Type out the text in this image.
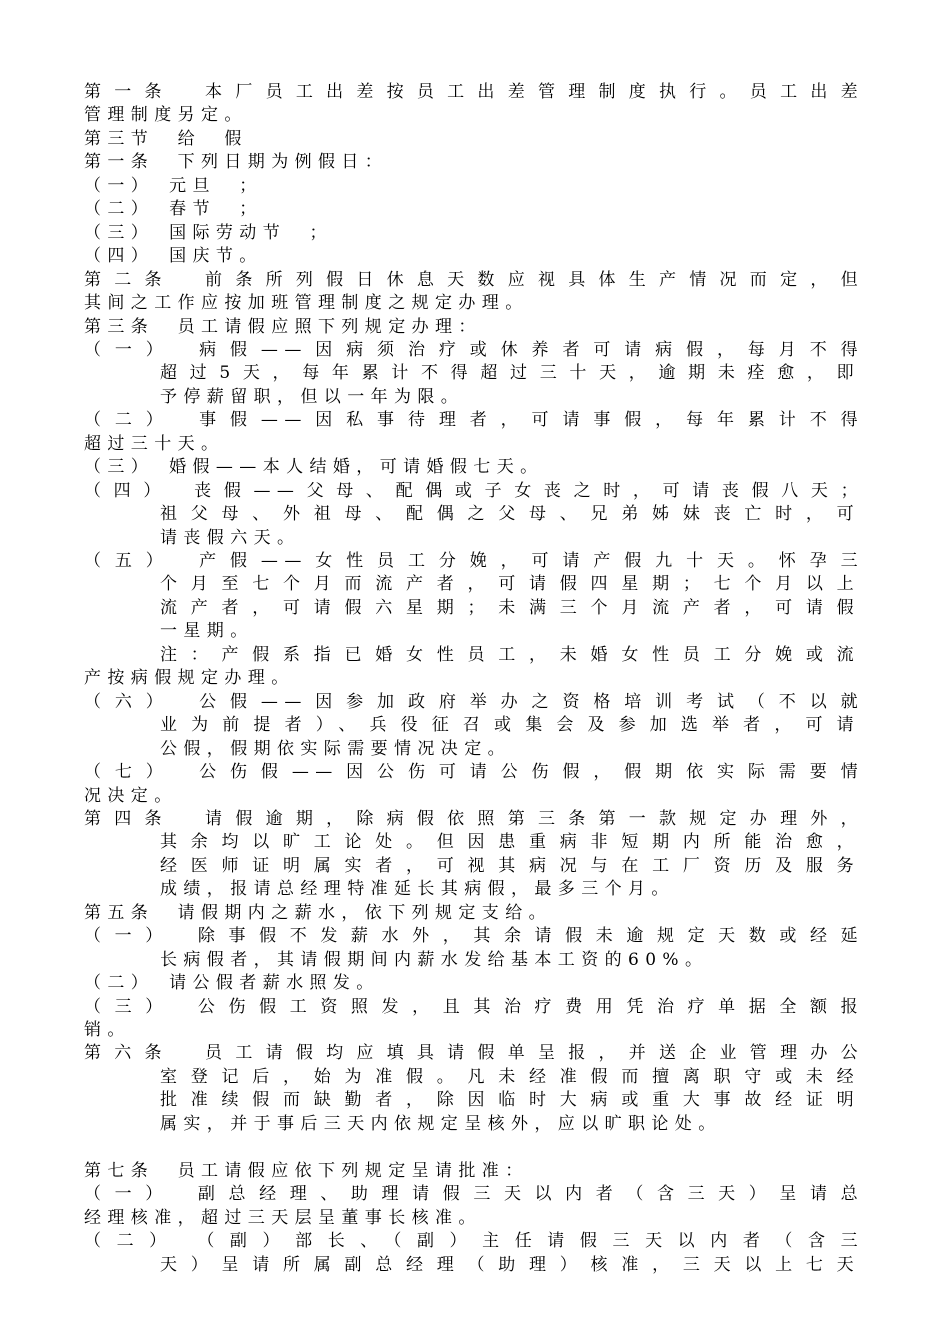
第一条　本厂员工出差按员工出差管理制度执行。员工出差
管理制度另定。
第三节　给　假
第一条　下列日期为例假日：
（一）　元旦　；
（二）　春节　；
（三）　国际劳动节　；
（四）　国庆节。
第二条　前条所列假日休息天数应视具体生产情况而定，但
其间之工作应按加班管理制度之规定办理。
第三条　员工请假应照下列规定办理：
（一）　病假——因病须治疗或休养者可请病假，每月不得
超过5天，每年累计不得超过三十天，逾期未痊愈，即
予停薪留职，但以一年为限。
（二）　事假——因私事待理者，可请事假，每年累计不得
超过三十天。
（三）　婚假——本人结婚，可请婚假七天。
（四）　丧假——父母、配偶或子女丧之时，可请丧假八天；
祖父母、外祖母、配偶之父母、兄弟姊妹丧亡时，可
请丧假六天。
（五）　产假——女性员工分娩，可请产假九十天。怀孕三
个月至七个月而流产者，可请假四星期；七个月以上
流产者，可请假六星期；未满三个月流产者，可请假
一星期。
注：产假系指已婚女性员工，未婚女性员工分娩或流
产按病假规定办理。
（六）　公假——因参加政府举办之资格培训考试（不以就
业为前提者）、兵役征召或集会及参加选举者，可请
公假，假期依实际需要情况决定。
（七）　公伤假——因公伤可请公伤假，假期依实际需要情
况决定。
第四条　请假逾期，除病假依照第三条第一款规定办理外，
其余均以旷工论处。但因患重病非短期内所能治愈，
经医师证明属实者，可视其病况与在工厂资历及服务
成绩，报请总经理特准延长其病假，最多三个月。
第五条　请假期内之薪水，依下列规定支给。
（一）　除事假不发薪水外，其余请假未逾规定天数或经延
长病假者，其请假期间内薪水发给基本工资的60%。
（二）　请公假者薪水照发。
（三）　公伤假工资照发，且其治疗费用凭治疗单据全额报
销。
第六条　员工请假均应填具请假单呈报，并送企业管理办公
室登记后，始为准假。凡未经准假而擅离职守或未经
批准续假而缺勤者，除因临时大病或重大事故经证明
属实，并于事后三天内依规定呈核外，应以旷职论处。
第七条　员工请假应依下列规定呈请批准：
（一）　副总经理、助理请假三天以内者（含三天）呈请总
经理核准，超过三天层呈董事长核准。
（二）　（副）部长、（副）主任请假三天以内者（含三
天）呈请所属副总经理（助理）核准，三天以上七天
